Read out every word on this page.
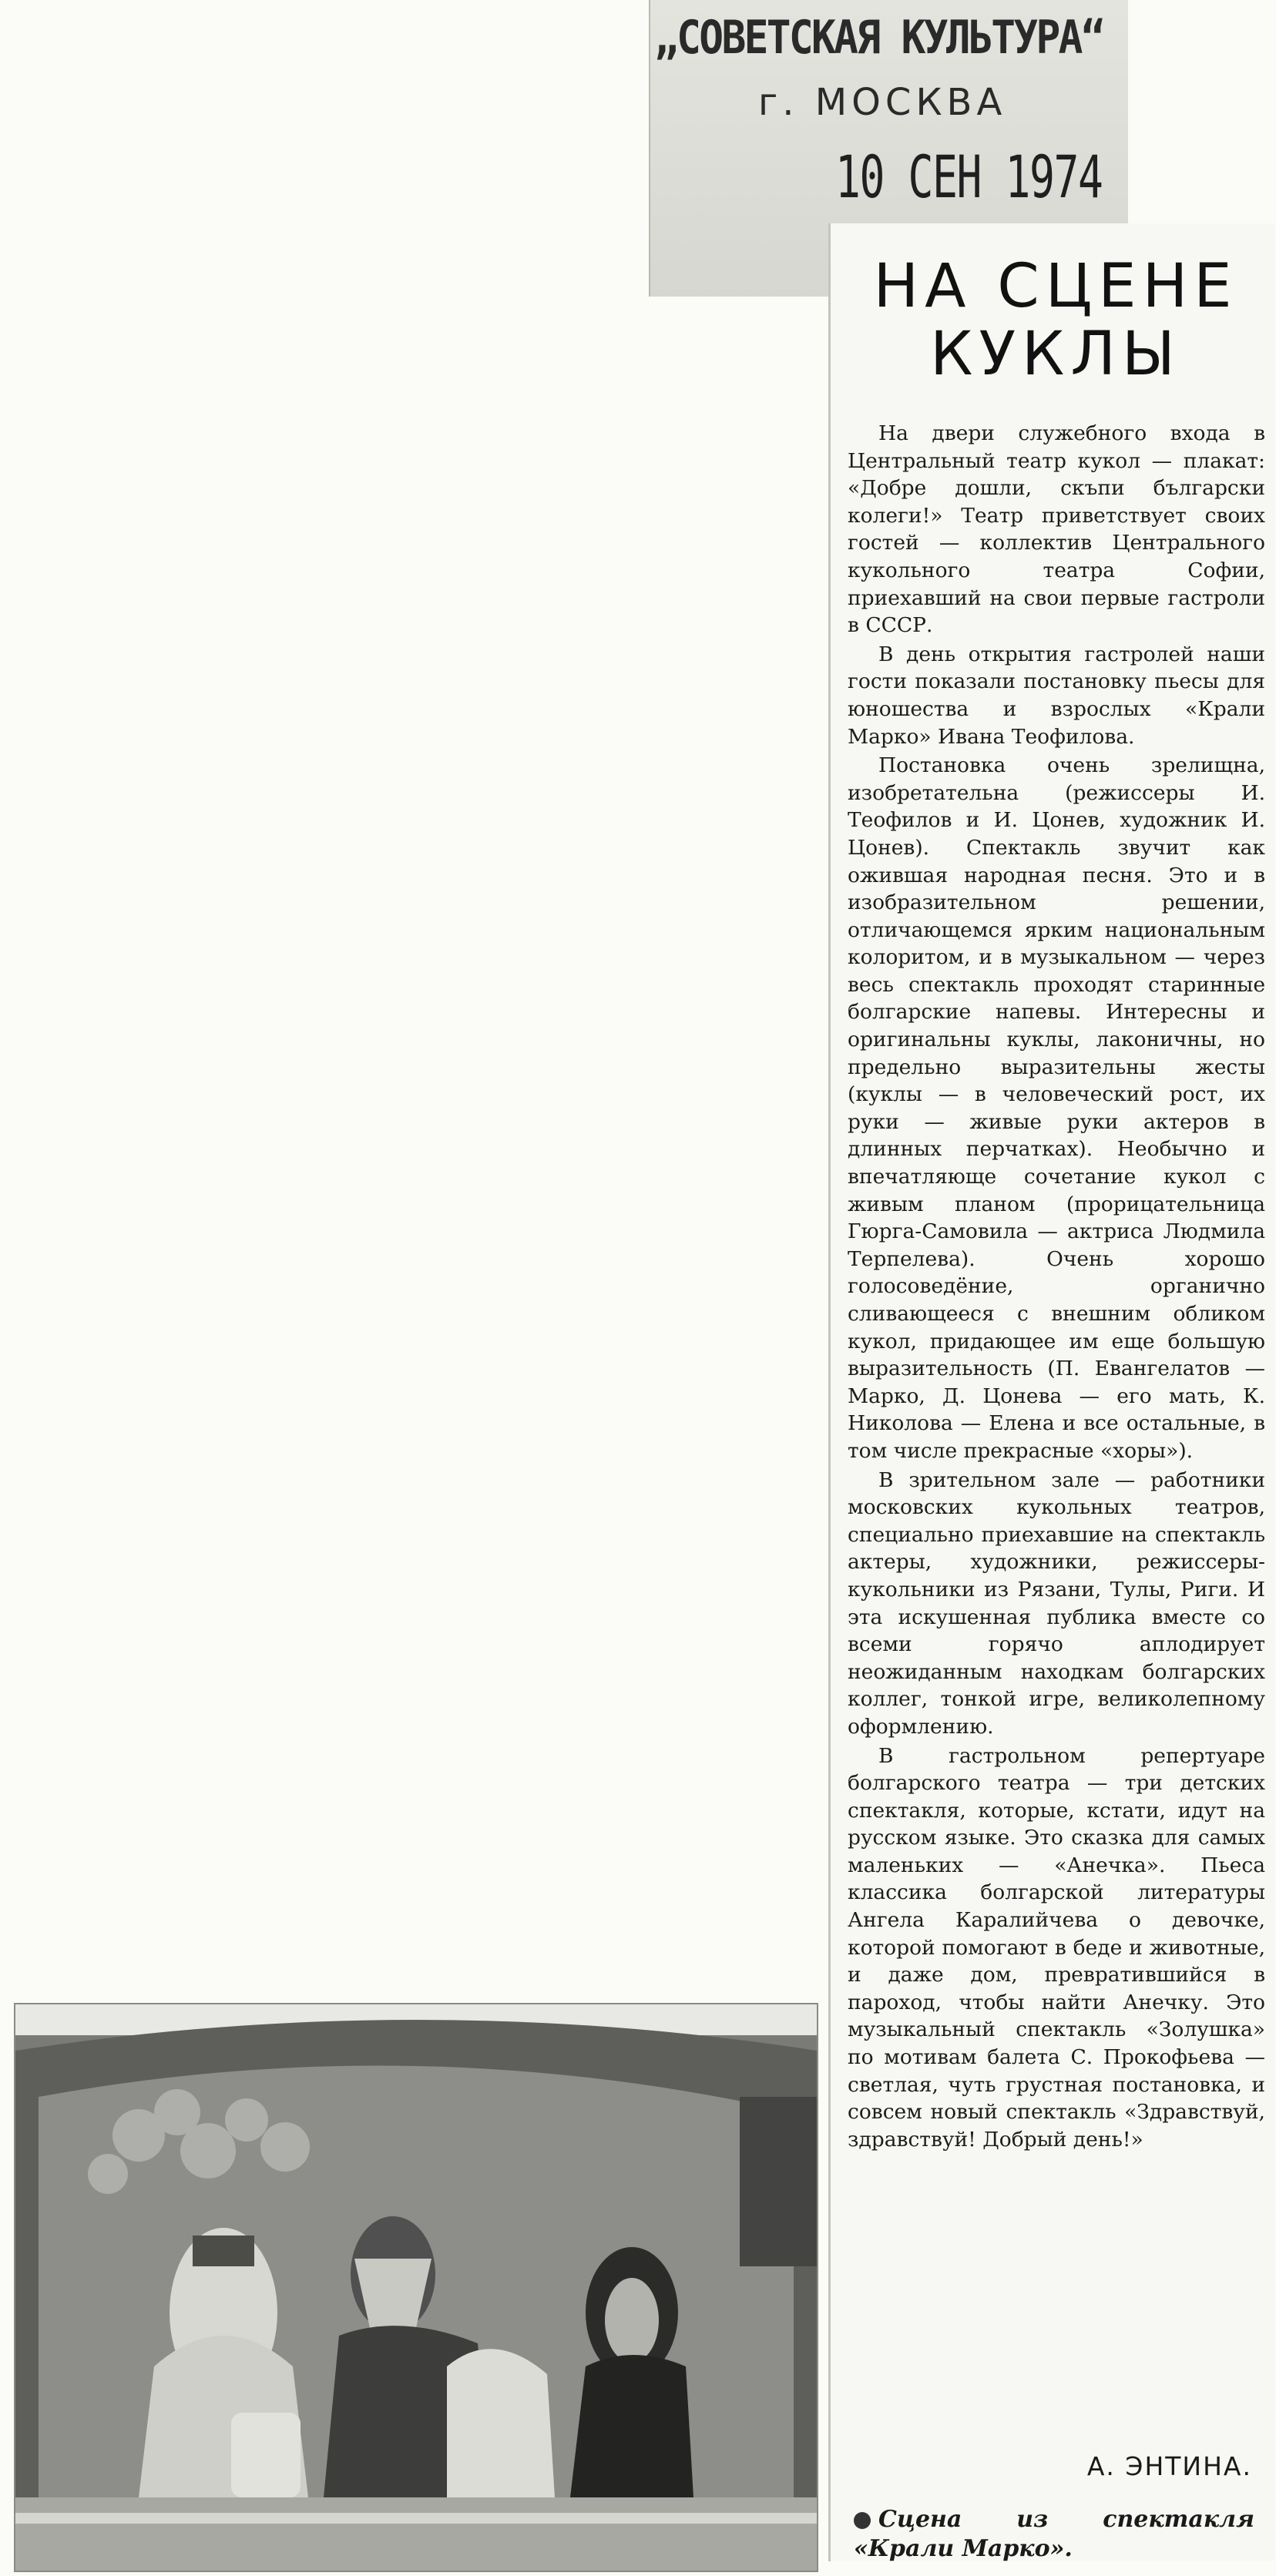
„СОВЕТСКАЯ КУЛЬТУРА“
г. МОСКВА
10 СЕН 1974
НА СЦЕНЕ
КУКЛЫ

На двери служебного входа в Центральный театр кукол — плакат: «Добре дошли, скъпи български колеги!» Театр приветствует своих гостей — коллектив Центрального кукольного театра Софии, приехавший на свои первые гастроли в СССР.

В день открытия гастролей наши гости показали постановку пьесы для юношества и взрослых «Крали Марко» Ивана Теофилова.

Постановка очень зрелищна, изобретательна (режиссеры И. Теофилов и И. Цонев, художник И. Цонев). Спектакль звучит как ожившая народная песня. Это и в изобразительном решении, отличающемся ярким национальным колоритом, и в музыкальном — через весь спектакль проходят старинные болгарские напевы. Интересны и оригинальны куклы, лаконичны, но предельно выразительны жесты (куклы — в человеческий рост, их руки — живые руки актеров в длинных перчатках). Необычно и впечатляюще сочетание кукол с живым планом (прорицательница Гюрга-Самовила — актриса Людмила Терпелева). Очень хорошо голосоведёние, органично сливающееся с внешним обликом кукол, придающее им еще большую выразительность (П. Евангелатов — Марко, Д. Цонева — его мать, К. Николова — Елена и все остальные, в том числе прекрасные «хоры»).

В зрительном зале — работники московских кукольных театров, специально приехавшие на спектакль актеры, художники, режиссеры-кукольники из Рязани, Тулы, Риги. И эта искушенная публика вместе со всеми горячо аплодирует неожиданным находкам болгарских коллег, тонкой игре, великолепному оформлению.

В гастрольном репертуаре болгарского театра — три детских спектакля, которые, кстати, идут на русском языке. Это сказка для самых маленьких — «Анечка». Пьеса классика болгарской литературы Ангела Каралийчева о девочке, которой помогают в беде и животные, и даже дом, превратившийся в пароход, чтобы найти Анечку. Это музыкальный спектакль «Золушка» по мотивам балета С. Прокофьева — светлая, чуть грустная постановка, и совсем новый спектакль «Здравствуй, здравствуй! Добрый день!»

А. ЭНТИНА.
Сцена из спектакля «Крали Марко».
